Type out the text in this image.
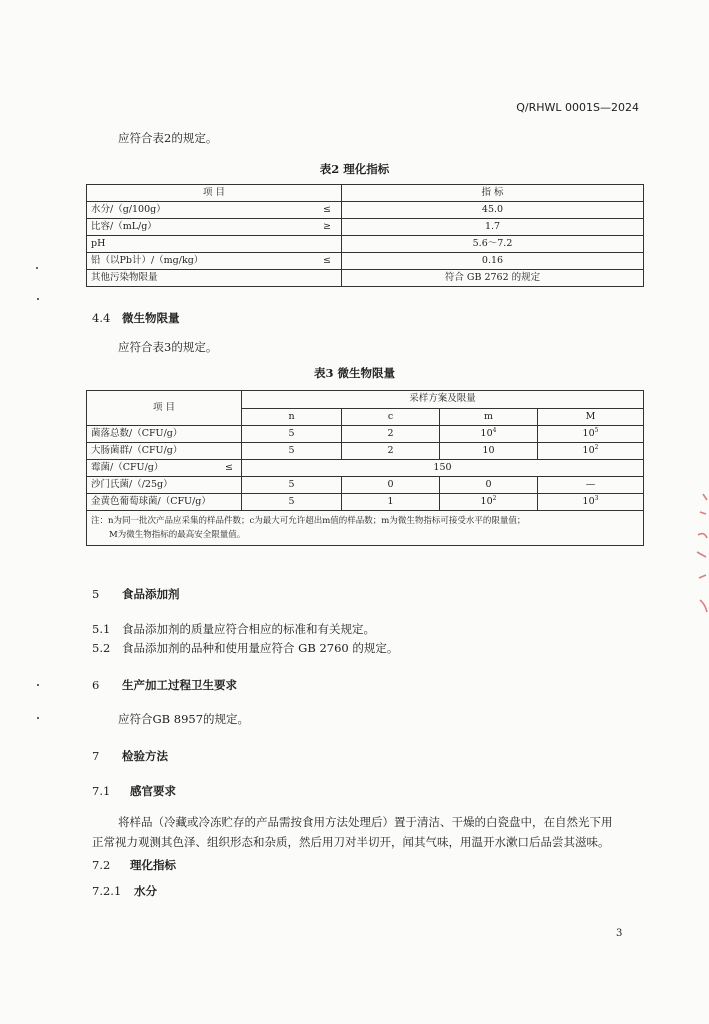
Q/RHWL 0001S—2024
应符合表2的规定。
表2 理化指标
项 目	指 标
水分/（g/100g） ≤	45.0
比容/（mL/g） ≥	1.7
pH	5.6～7.2
铅（以Pb计）/（mg/kg） ≤	0.16
其他污染物限量	符合 GB 2762 的规定
4.4 微生物限量
应符合表3的规定。
表3 微生物限量
项 目	采样方案及限量			
	n	c	m	M
菌落总数/（CFU/g）	5	2	$10^4$	$10^5$
大肠菌群/（CFU/g）	5	2	10	$10^2$
霉菌/（CFU/g） ≤	150			
沙门氏菌/（/25g）	5	0	0	—
金黄色葡萄球菌/（CFU/g）	5	1	$10^2$	$10^3$

注：n为同一批次产品应采集的样品件数；c为最大可允许超出m值的样品数；m为微生物指标可接受水平的限量值；
M为微生物指标的最高安全限量值。				
5 食品添加剂
5.1 食品添加剂的质量应符合相应的标准和有关规定。
5.2 食品添加剂的品种和使用量应符合 GB 2760 的规定。
6 生产加工过程卫生要求
应符合GB 8957的规定。
7 检验方法
7.1 感官要求
将样品（冷藏或冷冻贮存的产品需按食用方法处理后）置于清洁、干燥的白瓷盘中，在自然光下用
正常视力观测其色泽、组织形态和杂质，然后用刀对半切开，闻其气味，用温开水漱口后品尝其滋味。
7.2 理化指标
7.2.1 水分
3
